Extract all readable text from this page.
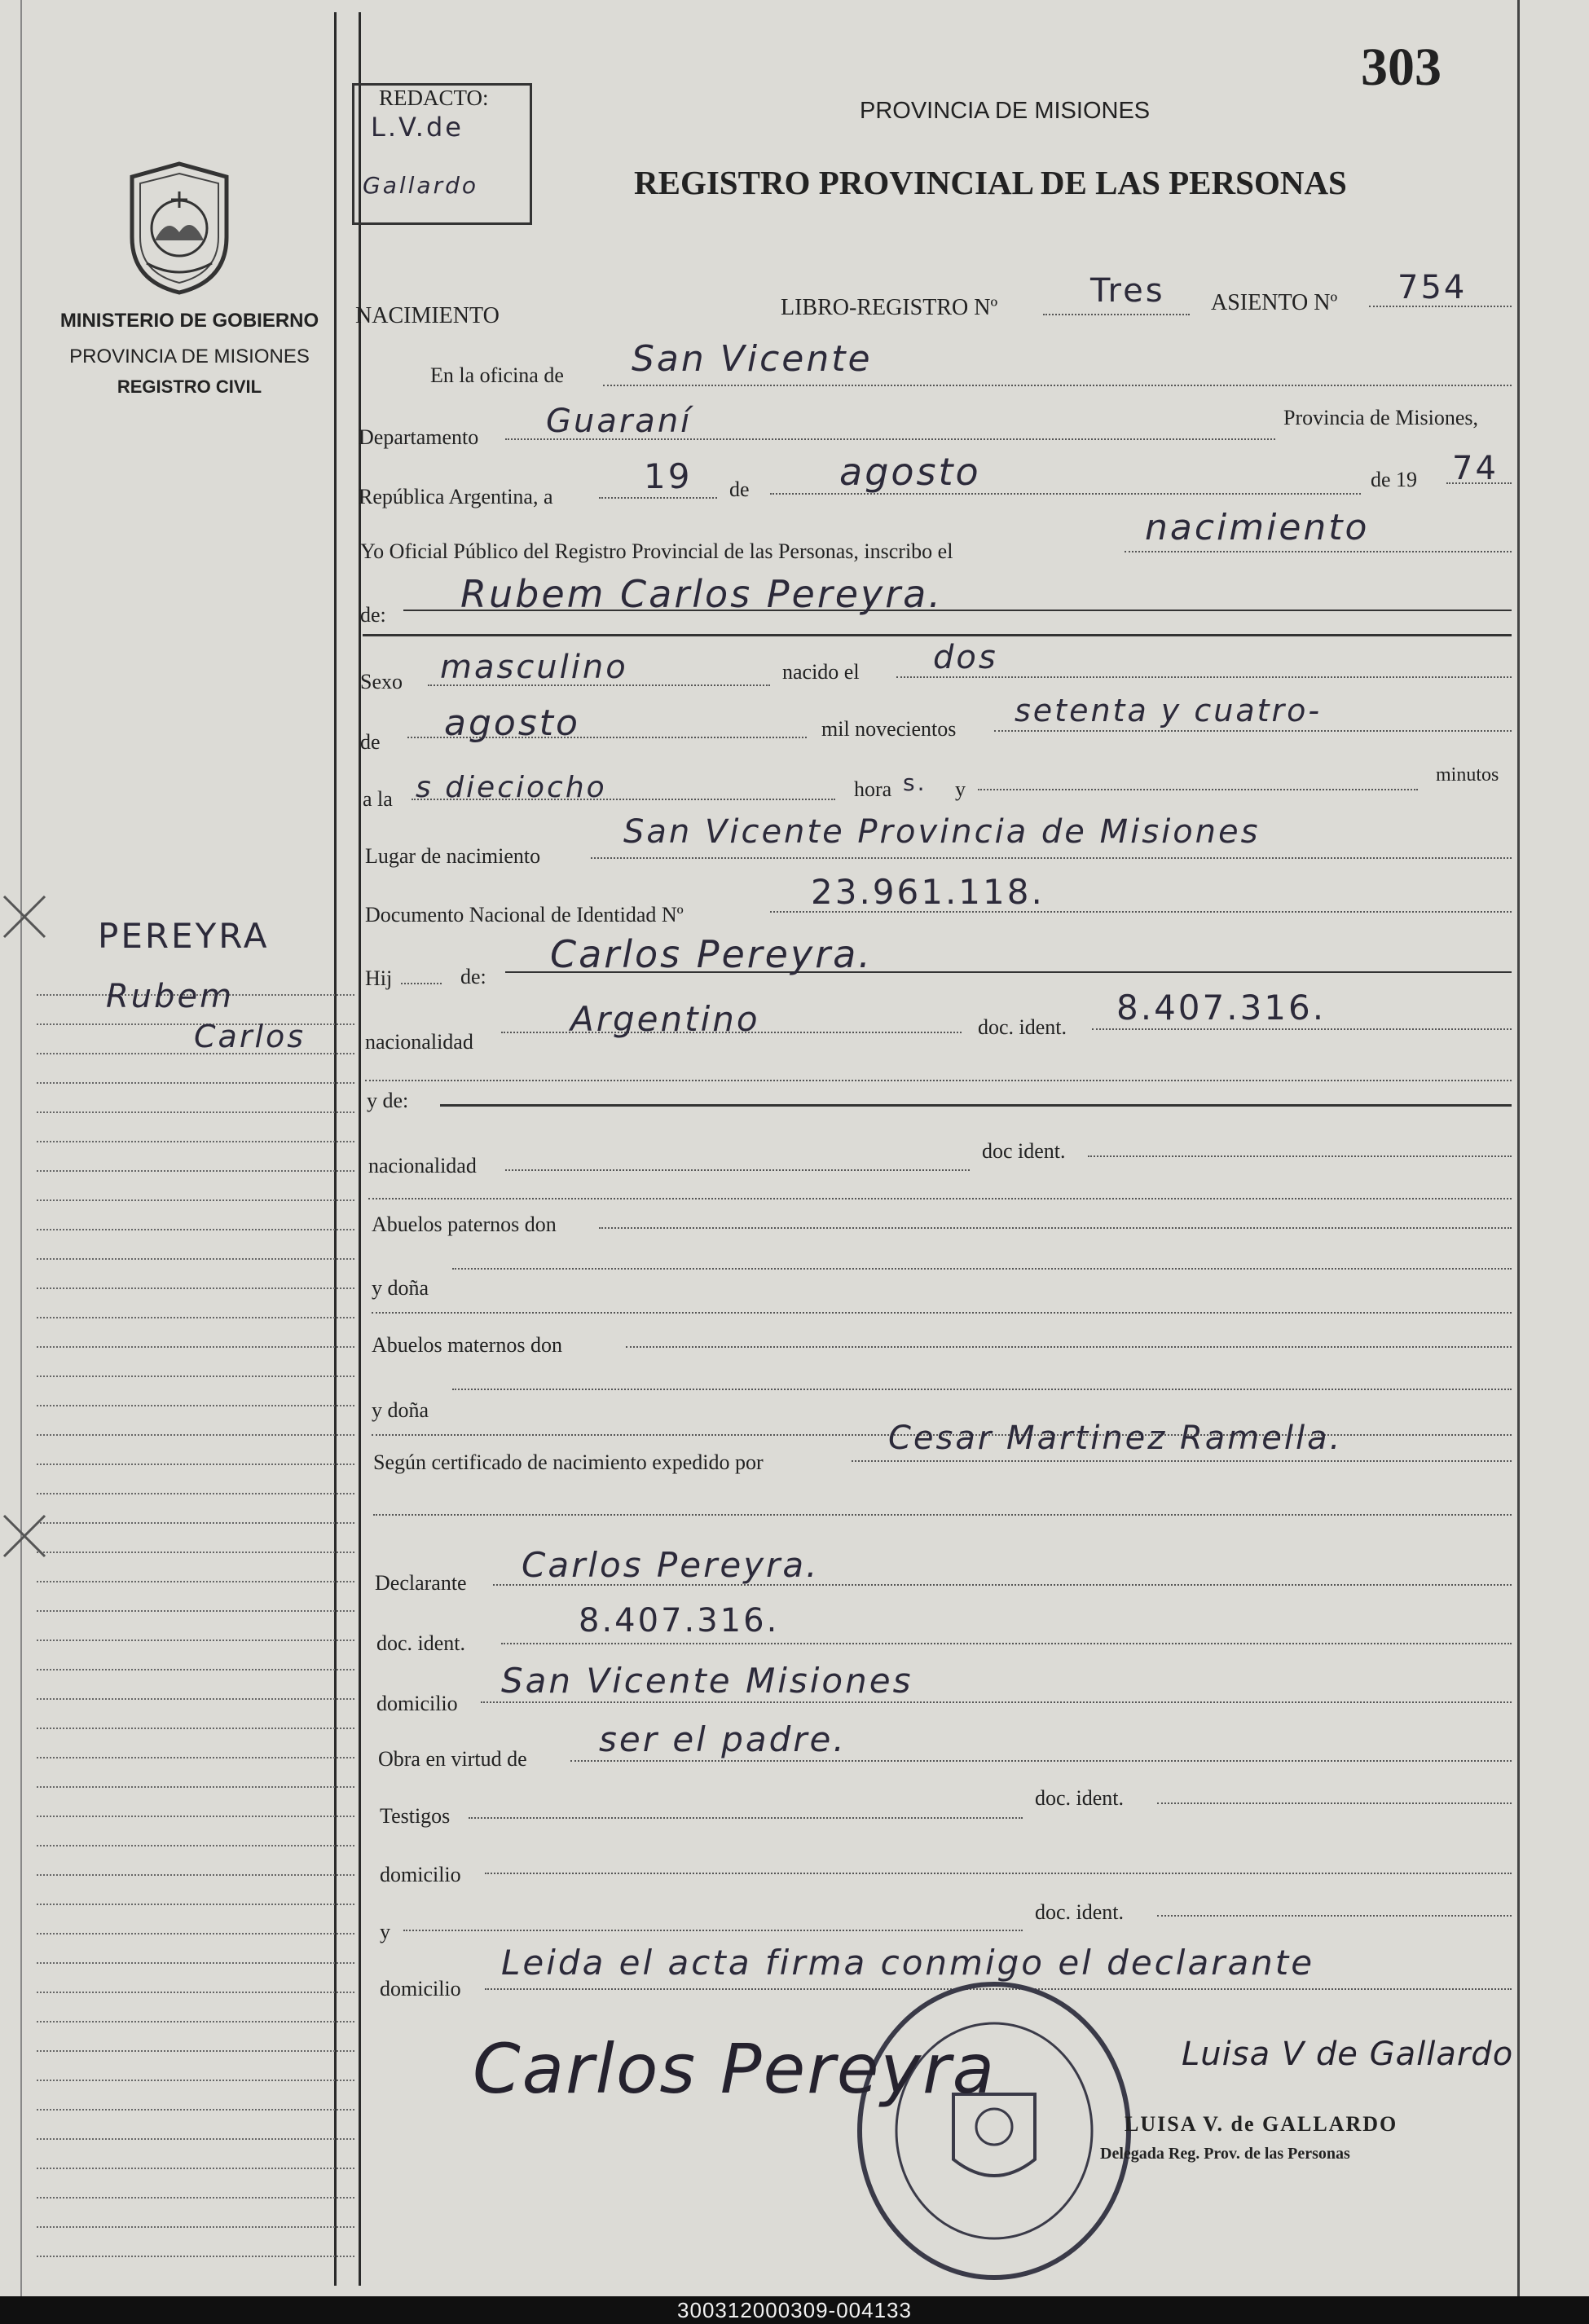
303
REDACTO:
L.V.de
Gallardo
MINISTERIO DE GOBIERNO
PROVINCIA DE MISIONES
REGISTRO CIVIL
PROVINCIA DE MISIONES
REGISTRO PROVINCIAL DE LAS PERSONAS
NACIMIENTO	LIBRO-REGISTRO Nº	Tres ASIENTO Nº 754
En la oficina de San Vicente
Departamento Guaraní	Provincia de Misiones,
República Argentina, a
19 de agosto	de 19 74
Yo Oficial Público del Registro Provincial de las Personas, inscribo el
nacimiento
de: Rubem Carlos Pereyra.
Sexo masculino	nacido el dos
de agosto	mil novecientos
setenta y cuatro-
a la s dieciocho	hora s. y
minutos
Lugar de nacimiento
San Vicente Provincia de Misiones
Documento Nacional de Identidad Nº
23.961.118.
Hij	de:
Carlos Pereyra.
nacionalidad
Argentino	doc. ident. 8.407.316.
y de:
nacionalidad
doc ident.
Abuelos paternos don
y doña
Abuelos maternos don
y doña
Según certificado de nacimiento expedido por
Cesar Martinez Ramella.
Declarante Carlos Pereyra.
doc. ident.
8.407.316.
domicilio
San Vicente Misiones
Obra en virtud de ser el padre.
Testigos
doc. ident.
domicilio
y
doc. ident.
domicilio
Leida el acta firma conmigo el declarante
PEREYRA
Rubem
Carlos
Carlos Pereyra	Luisa V de Gallardo
LUISA V. de GALLARDO
Delegada Reg. Prov. de las Personas
300312000309-004133
